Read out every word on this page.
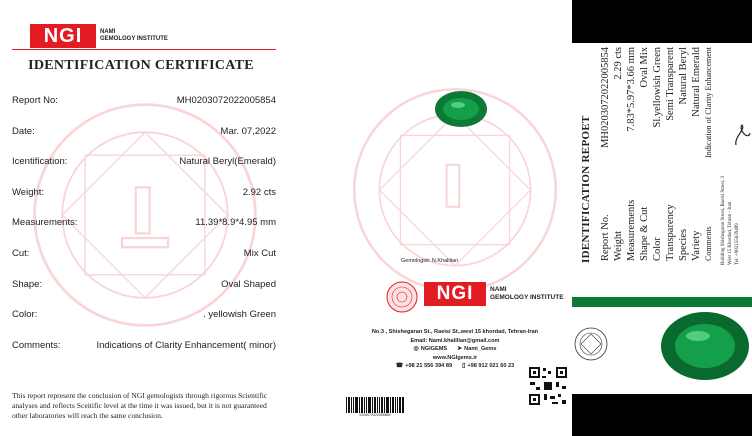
NGI	NAMI
GEMOLOGY INSTITUTE
IDENTIFICATION CERTIFICATE
Report No:	MH0203072022005854
Date:	Mar. 07,2022
Icentification:	Natural Beryl(Emerald)
Weight:	2.92 cts
Measurements:	11.39*8.9*4.95 mm
Cut:	Mix Cut
Shape:	Oval Shaped
Color:	. yellowish Green
Comments:	Indications of Clarity Enhancement( minor)
This report represent the conclusion of NGI gemologists through rigorous Scientific analyses and reflects Sceitific level at the time it was issued, but it is not guaranteed other laboratories will reach the same conclusion.
Gemologist: N.Khalilian
NGI	NAMI
GEMOLOGY INSTITUTE
No.3 , Shishegaran St., Raeisi St.,west 15 khordad, Tehran-Iran
Email: Nami.khalilian@gmail.com
◎ NGIGEMS ➤ Nami_Gems
www.NGIgems.ir
☎ +98 21 556 394 89 ▯ +98 912 021 60 23
0203072022005854
Report No.
MH0203072022005854
Weight
2.29 cts
Measurements
7.83*5.97*3.66 mm
Shape & Cut
Oval Mix
Color
Sl.yellowish Green
Transparency
Semi Transparent
Species
Natural Beryl
Variety
Natural Emerald
Comments
Indication of Clarity Enhancement
Building Shishegaran Street, Raeisi Street, 3 West 15 Khordad, Tehran - Iran Tel: +982155639489
IDENTIFICATION REPOET
